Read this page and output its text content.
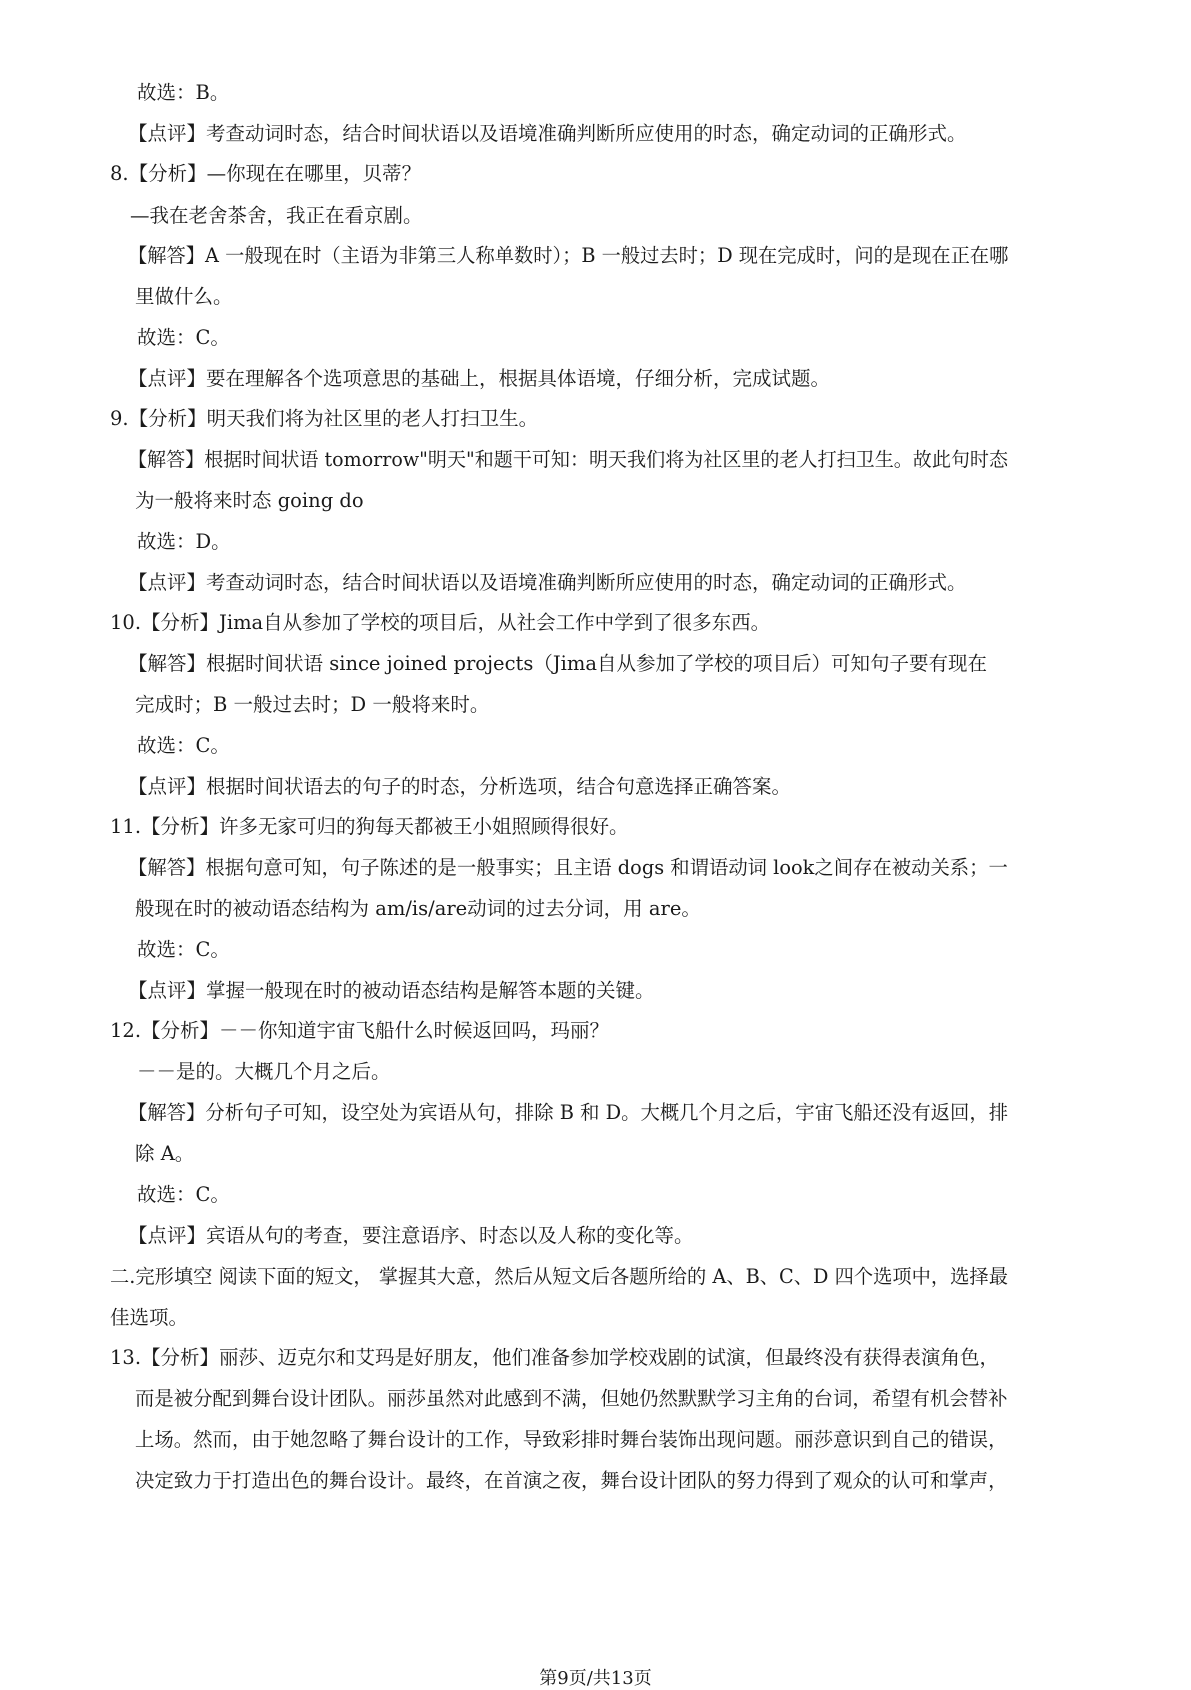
故选：B。
【点评】考查动词时态，结合时间状语以及语境准确判断所应使用的时态，确定动词的正确形式。
8.【分析】—你现在在哪里，贝蒂？
—我在老舍茶舍，我正在看京剧。
【解答】A 一般现在时（主语为非第三人称单数时）；B 一般过去时；D 现在完成时，问的是现在正在哪
里做什么。
故选：C。
【点评】要在理解各个选项意思的基础上，根据具体语境，仔细分析，完成试题。
9.【分析】明天我们将为社区里的老人打扫卫生。
【解答】根据时间状语 tomorrow"明天"和题干可知：明天我们将为社区里的老人打扫卫生。故此句时态
为一般将来时态 going do
故选：D。
【点评】考查动词时态，结合时间状语以及语境准确判断所应使用的时态，确定动词的正确形式。
10.【分析】Jima自从参加了学校的项目后，从社会工作中学到了很多东西。
【解答】根据时间状语 since joined projects（Jima自从参加了学校的项目后）可知句子要有现在
完成时；B 一般过去时；D 一般将来时。
故选：C。
【点评】根据时间状语去的句子的时态，分析选项，结合句意选择正确答案。
11.【分析】许多无家可归的狗每天都被王小姐照顾得很好。
【解答】根据句意可知，句子陈述的是一般事实；且主语 dogs 和谓语动词 look之间存在被动关系；一
般现在时的被动语态结构为 am/is/are动词的过去分词，用 are。
故选：C。
【点评】掌握一般现在时的被动语态结构是解答本题的关键。
12.【分析】－－你知道宇宙飞船什么时候返回吗，玛丽？
－－是的。大概几个月之后。
【解答】分析句子可知，设空处为宾语从句，排除 B 和 D。大概几个月之后，宇宙飞船还没有返回，排
除 A。
故选：C。
【点评】宾语从句的考查，要注意语序、时态以及人称的变化等。
二.完形填空 阅读下面的短文， 掌握其大意，然后从短文后各题所给的 A、B、C、D 四个选项中，选择最
佳选项。
13.【分析】丽莎、迈克尔和艾玛是好朋友，他们准备参加学校戏剧的试演，但最终没有获得表演角色，
而是被分配到舞台设计团队。丽莎虽然对此感到不满，但她仍然默默学习主角的台词，希望有机会替补
上场。然而，由于她忽略了舞台设计的工作，导致彩排时舞台装饰出现问题。丽莎意识到自己的错误，
决定致力于打造出色的舞台设计。最终，在首演之夜，舞台设计团队的努力得到了观众的认可和掌声，
第9页/共13页
